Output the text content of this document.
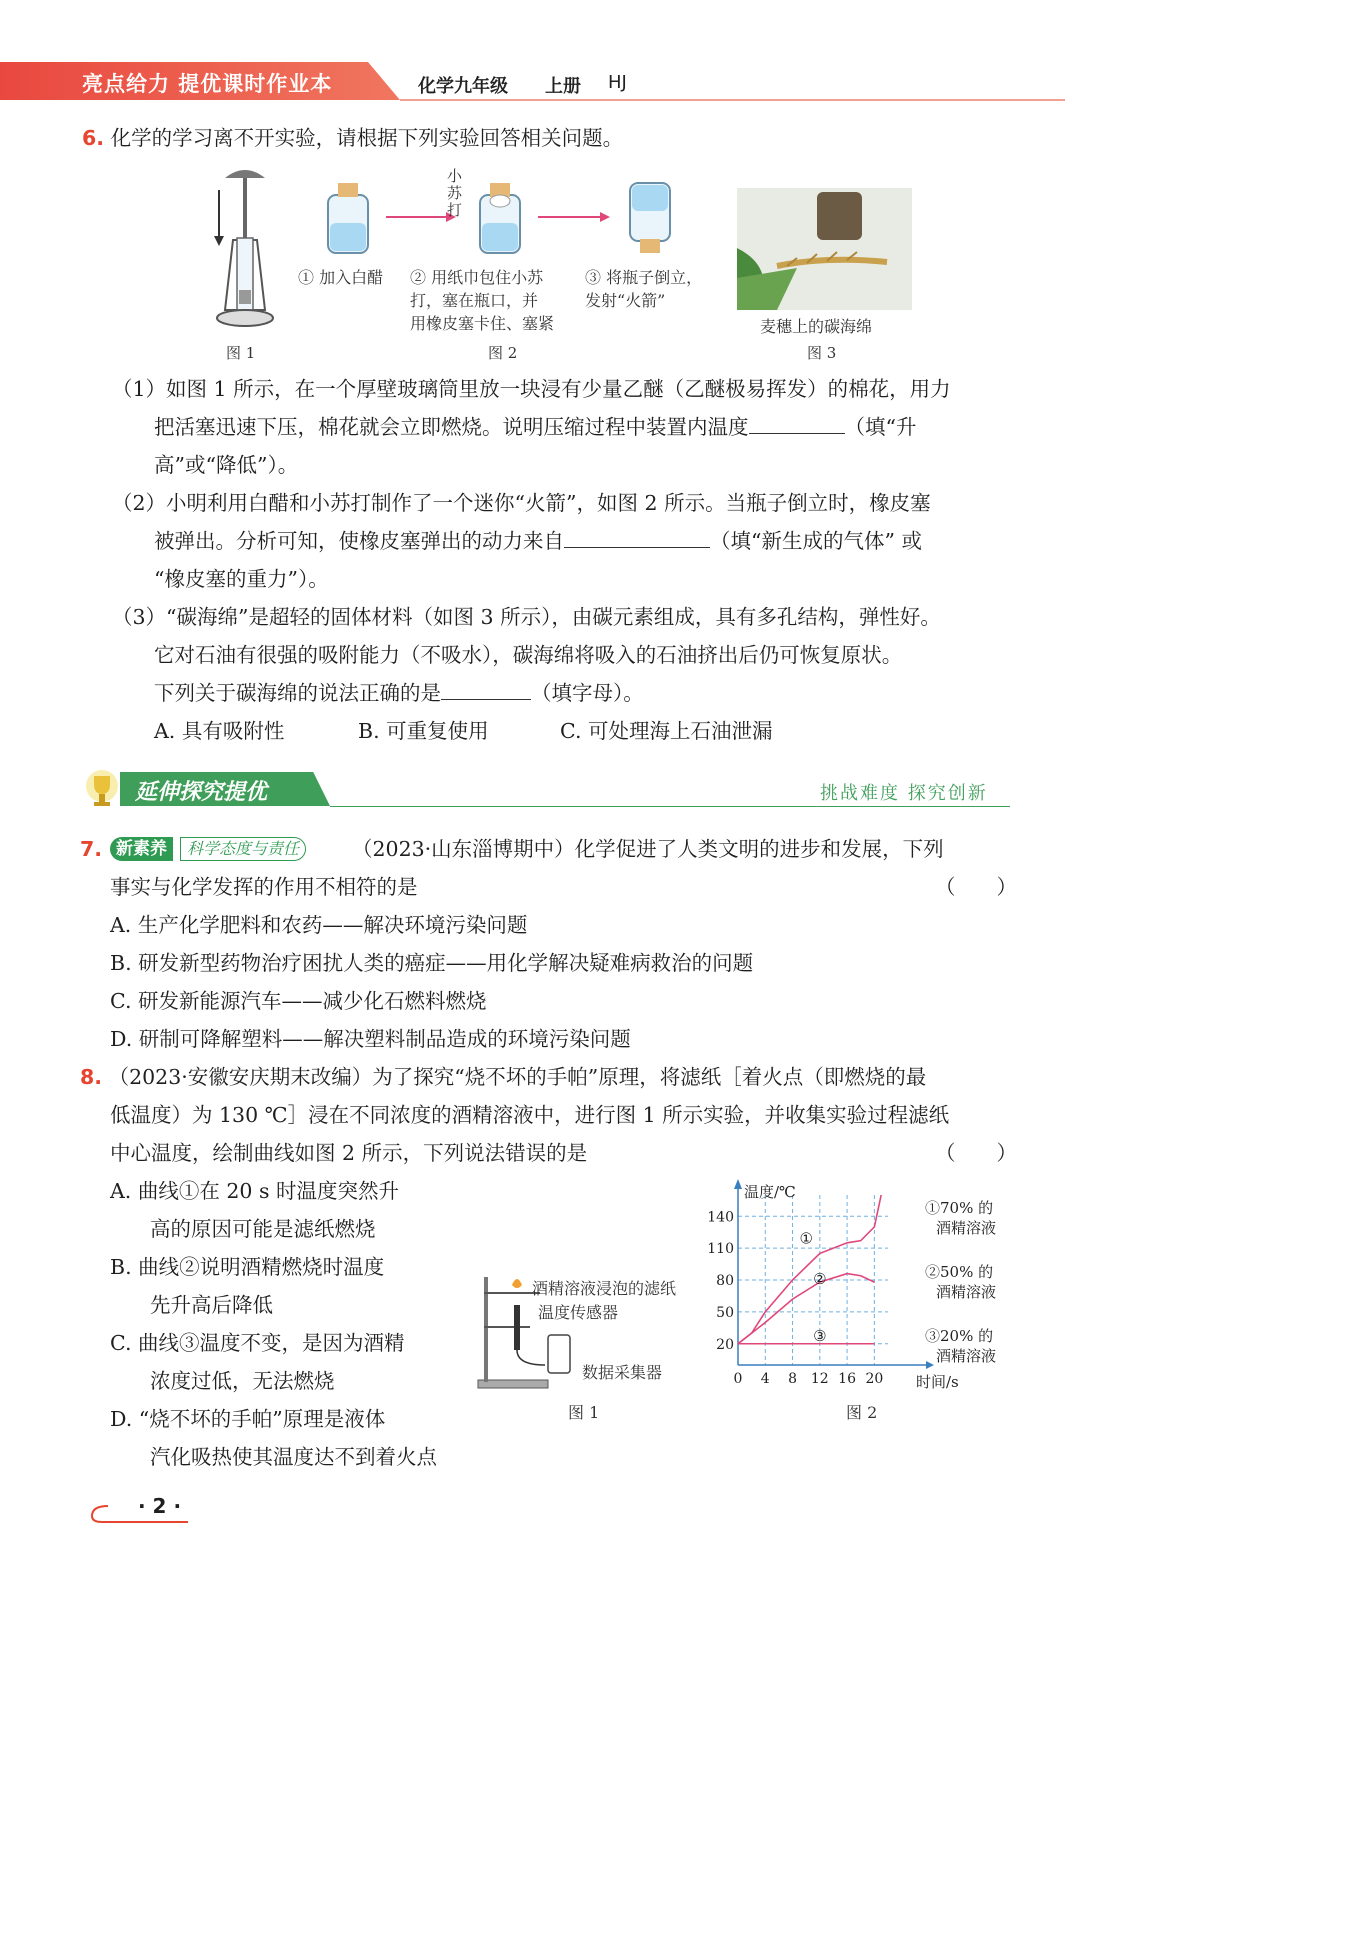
亮点给力 提优课时作业本	化学九年级 上册 HJ
6. 化学的学习离不开实验，请根据下列实验回答相关问题。
图 1
小苏打
① 加入白醋 ② 用纸巾包住小苏
打，塞在瓶口，并
用橡皮塞卡住、塞紧
③ 将瓶子倒立，
发射“火箭”
图 2
麦穗上的碳海绵
图 3
（1）如图 1 所示，在一个厚壁玻璃筒里放一块浸有少量乙醚（乙醚极易挥发）的棉花，用力
把活塞迅速下压，棉花就会立即燃烧。说明压缩过程中装置内温度	（填“升
高”或“降低”）。
（2）小明利用白醋和小苏打制作了一个迷你“火箭”，如图 2 所示。当瓶子倒立时，橡皮塞
被弹出。分析可知，使橡皮塞弹出的动力来自	（填“新生成的气体” 或
“橡皮塞的重力”）。
（3）“碳海绵”是超轻的固体材料（如图 3 所示），由碳元素组成，具有多孔结构，弹性好。
它对石油有很强的吸附能力（不吸水），碳海绵将吸入的石油挤出后仍可恢复原状。
下列关于碳海绵的说法正确的是	（填字母）。
A. 具有吸附性	B. 可重复使用	C. 可处理海上石油泄漏
延伸探究提优	挑战难度 探究创新
7. 新素养	科学态度与责任	（2023·山东淄博期中）化学促进了人类文明的进步和发展，下列
事实与化学发挥的作用不相符的是	（　　）
A. 生产化学肥料和农药——解决环境污染问题
B. 研发新型药物治疗困扰人类的癌症——用化学解决疑难病救治的问题
C. 研发新能源汽车——减少化石燃料燃烧
D. 研制可降解塑料——解决塑料制品造成的环境污染问题
8. （2023·安徽安庆期末改编）为了探究“烧不坏的手帕”原理，将滤纸［着火点（即燃烧的最
低温度）为 130 ℃］浸在不同浓度的酒精溶液中，进行图 1 所示实验，并收集实验过程滤纸
中心温度，绘制曲线如图 2 所示，下列说法错误的是	（　　）
A. 曲线①在 20 s 时温度突然升
高的原因可能是滤纸燃烧
B. 曲线②说明酒精燃烧时温度
先升高后降低
C. 曲线③温度不变，是因为酒精
浓度过低，无法燃烧
D. “烧不坏的手帕”原理是液体
汽化吸热使其温度达不到着火点
酒精溶液浸泡的滤纸
温度传感器
数据采集器
图 1
0 4 8 12 16 20
20
50
80
110
140
温度/℃
时间/s
①
①70% 的
酒精溶液
②	②50% 的
酒精溶液
③	③20% 的
酒精溶液
图 2
· 2 ·
